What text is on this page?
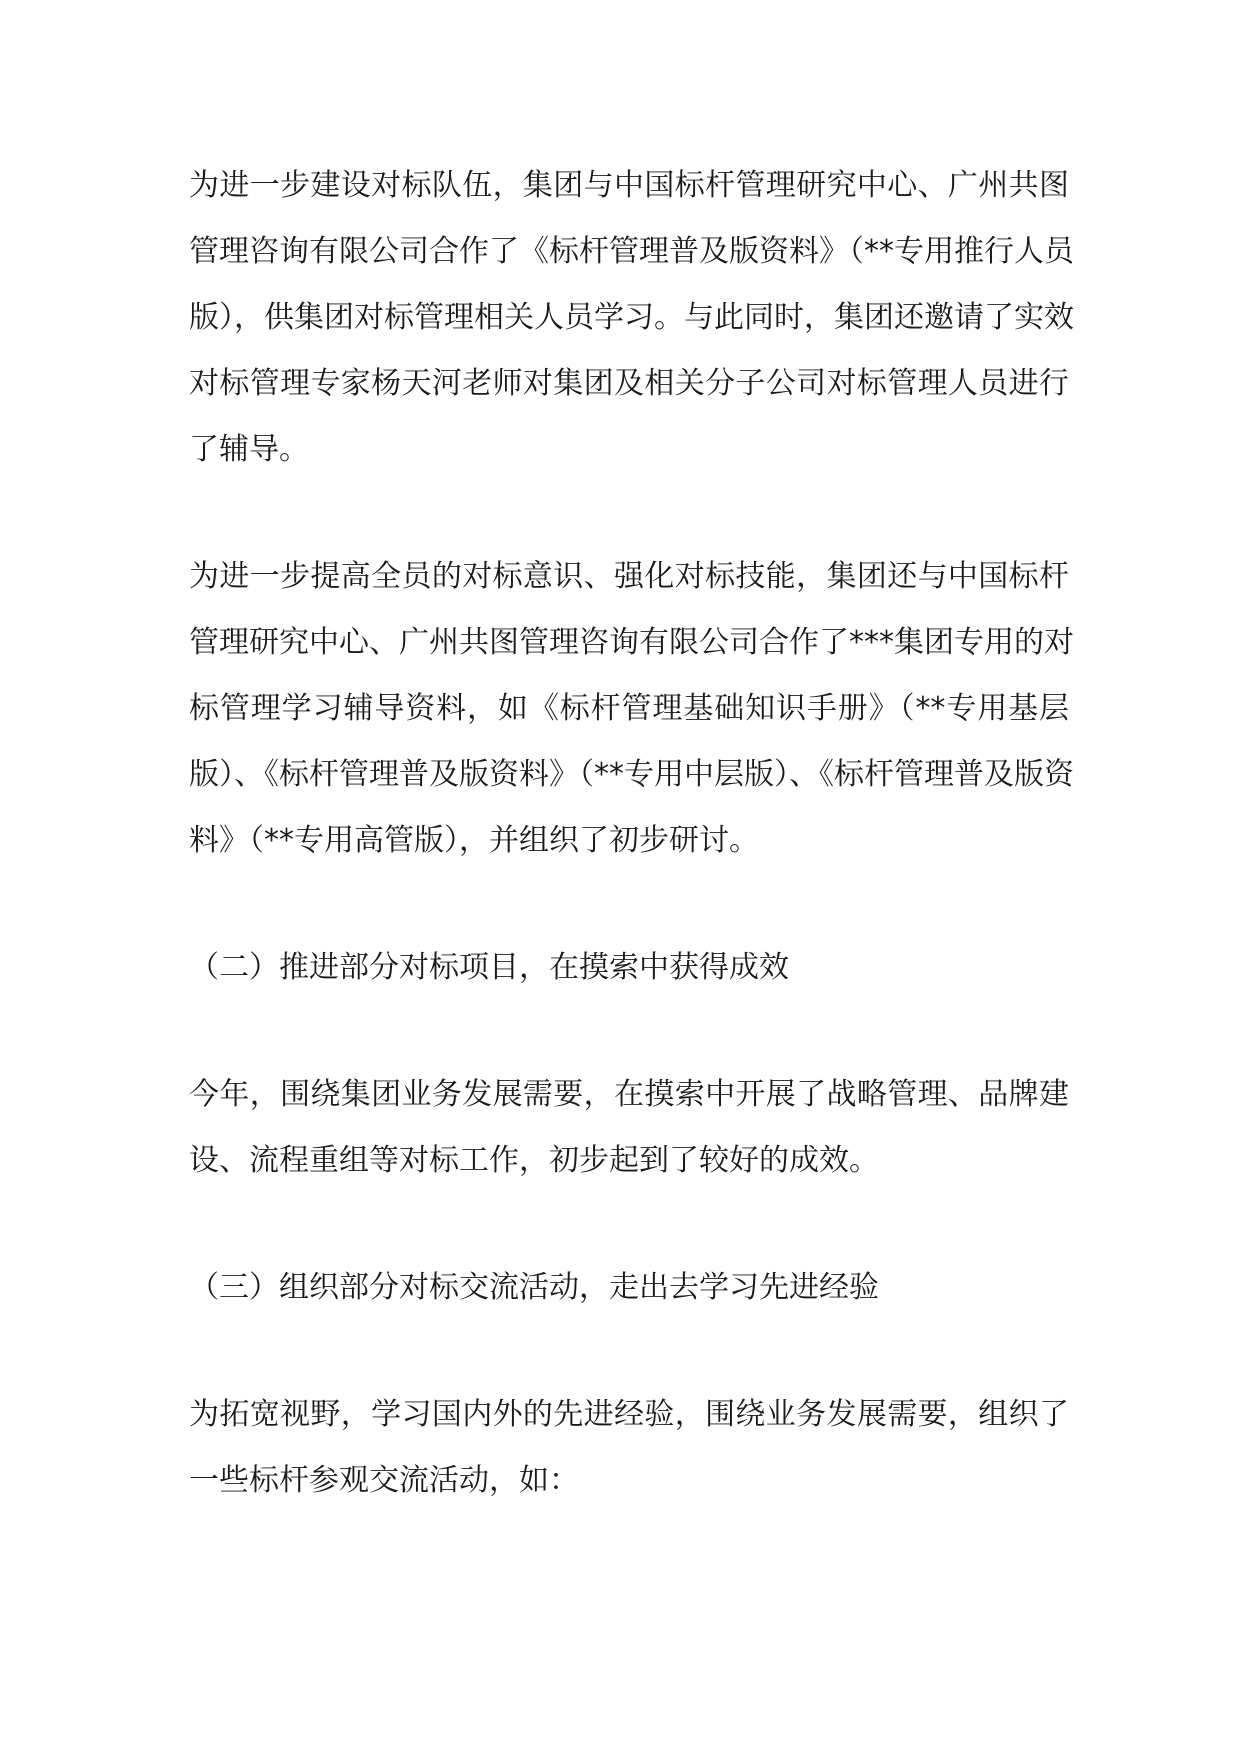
为进一步建设对标队伍，集团与中国标杆管理研究中心、广州共图
管理咨询有限公司合作了《标杆管理普及版资料》（**专用推行人员
版），供集团对标管理相关人员学习。与此同时，集团还邀请了实效
对标管理专家杨天河老师对集团及相关分子公司对标管理人员进行
了辅导。
为进一步提高全员的对标意识、强化对标技能，集团还与中国标杆
管理研究中心、广州共图管理咨询有限公司合作了***集团专用的对
标管理学习辅导资料，如《标杆管理基础知识手册》（**专用基层
版）、《标杆管理普及版资料》（**专用中层版）、《标杆管理普及版资
料》（**专用高管版），并组织了初步研讨。
（二）推进部分对标项目，在摸索中获得成效
今年，围绕集团业务发展需要，在摸索中开展了战略管理、品牌建
设、流程重组等对标工作，初步起到了较好的成效。
（三）组织部分对标交流活动，走出去学习先进经验
为拓宽视野，学习国内外的先进经验，围绕业务发展需要，组织了
一些标杆参观交流活动，如：
